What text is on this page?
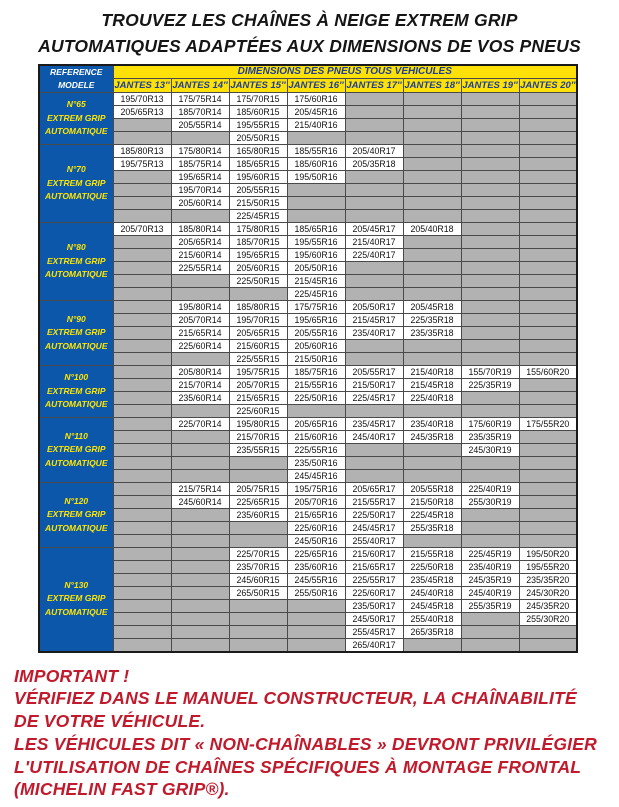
TROUVEZ LES CHAÎNES À NEIGE EXTREM GRIP
AUTOMATIQUES ADAPTÉES AUX DIMENSIONS DE VOS PNEUS
REFERENCE
MODELE	DIMENSIONS DES PNEUS TOUS VEHICULES							
	JANTES 13''	JANTES 14''	JANTES 15''	JANTES 16''	JANTES 17''	JANTES 18''	JANTES 19''	JANTES 20''

N°65
EXTREM GRIP
AUTOMATIQUE	195/70R13	175/75R14	175/70R15	175/60R16				
	205/65R13	185/70R14	185/60R15	205/45R16				
		205/55R14	195/55R15	215/40R16				
			205/50R15					

N°70
EXTREM GRIP
AUTOMATIQUE	185/80R13	175/80R14	165/80R15	185/55R16	205/40R17			
	195/75R13	185/75R14	185/65R15	185/60R16	205/35R18			
		195/65R14	195/60R15	195/50R16				
		195/70R14	205/55R15					
		205/60R14	215/50R15					
			225/45R15					

N°80
EXTREM GRIP
AUTOMATIQUE	205/70R13	185/80R14	175/80R15	185/65R16	205/45R17	205/40R18		
		205/65R14	185/70R15	195/55R16	215/40R17			
		215/60R14	195/65R15	195/60R16	225/40R17			
		225/55R14	205/60R15	205/50R16				
			225/50R15	215/45R16				
				225/45R16				

N°90
EXTREM GRIP
AUTOMATIQUE		195/80R14	185/80R15	175/75R16	205/50R17	205/45R18		
		205/70R14	195/70R15	195/65R16	215/45R17	225/35R18		
		215/65R14	205/65R15	205/55R16	235/40R17	235/35R18		
		225/60R14	215/60R15	205/60R16				
			225/55R15	215/50R16				

N°100
EXTREM GRIP
AUTOMATIQUE		205/80R14	195/75R15	185/75R16	205/55R17	215/40R18	155/70R19	155/60R20
		215/70R14	205/70R15	215/55R16	215/50R17	215/45R18	225/35R19	
		235/60R14	215/65R15	225/50R16	225/45R17	225/40R18		
			225/60R15					

N°110
EXTREM GRIP
AUTOMATIQUE		225/70R14	195/80R15	205/65R16	235/45R17	235/40R18	175/60R19	175/55R20
			215/70R15	215/60R16	245/40R17	245/35R18	235/35R19	
			235/55R15	225/55R16			245/30R19	
				235/50R16				
				245/45R16				

N°120
EXTREM GRIP
AUTOMATIQUE		215/75R14	205/75R15	195/75R16	205/65R17	205/55R18	225/40R19	
		245/60R14	225/65R15	205/70R16	215/55R17	215/50R18	255/30R19	
			235/60R15	215/65R16	225/50R17	225/45R18		
				225/60R16	245/45R17	255/35R18		
				245/50R16	255/40R17			

N°130
EXTREM GRIP
AUTOMATIQUE			225/70R15	225/65R16	215/60R17	215/55R18	225/45R19	195/50R20
			235/70R15	235/60R16	215/65R17	225/50R18	235/40R19	195/55R20
			245/60R15	245/55R16	225/55R17	235/45R18	245/35R19	235/35R20
			265/50R15	255/50R16	225/60R17	245/40R18	245/40R19	245/30R20
					235/50R17	245/45R18	255/35R19	245/35R20
					245/50R17	255/40R18		255/30R20
					255/45R17	265/35R18		
					265/40R17			
IMPORTANT !
VÉRIFIEZ DANS LE MANUEL CONSTRUCTEUR, LA CHAÎNABILITÉ
DE VOTRE VÉHICULE.
LES VÉHICULES DIT « NON-CHAÎNABLES » DEVRONT PRIVILÉGIER
L'UTILISATION DE CHAÎNES SPÉCIFIQUES À MONTAGE FRONTAL
(MICHELIN FAST GRIP®).
